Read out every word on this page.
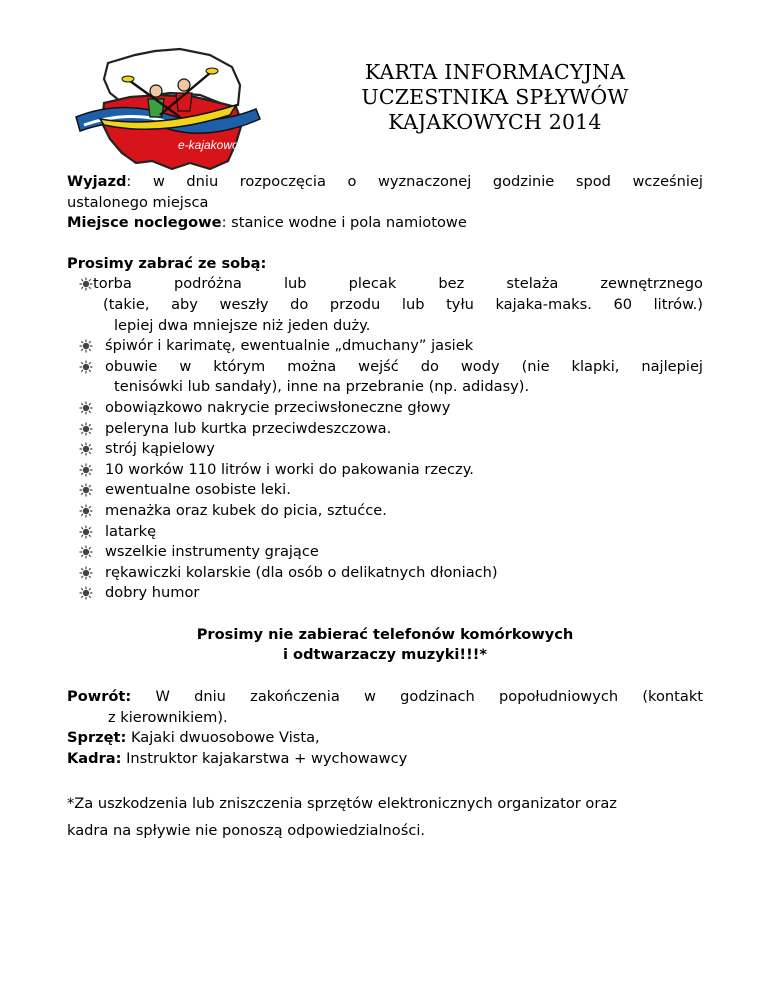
e-kajakowo
KARTA INFORMACYJNA
UCZESTNIKA SPŁYWÓW
KAJAKOWYCH 2014

Wyjazd: w dniu rozpoczęcia o wyznaczonej godzinie spod wcześniej

ustalonego miejsca

Miejsce noclegowe: stanice wodne i pola namiotowe

Prosimy zabrać ze sobą:

torba podróżna lub plecak bez stelaża zewnętrznego
(takie, aby weszły do przodu lub tyłu kajaka-maks. 60 litrów.)
lepiej dwa mniejsze niż jeden duży.
śpiwór i karimatę, ewentualnie „dmuchany” jasiek
obuwie w którym można wejść do wody (nie klapki, najlepiej
tenisówki lub sandały), inne na przebranie (np. adidasy).
obowiązkowo nakrycie przeciwsłoneczne głowy
peleryna lub kurtka przeciwdeszczowa.
strój kąpielowy
10 worków 110 litrów i worki do pakowania rzeczy.
ewentualne osobiste leki.
menażka oraz kubek do picia, sztućce.
latarkę
wszelkie instrumenty grające
rękawiczki kolarskie (dla osób o delikatnych dłoniach)
dobry humor

Prosimy nie zabierać telefonów komórkowych

i odtwarzaczy muzyki!!!*

Powrót: W dniu zakończenia w godzinach popołudniowych (kontakt

z kierownikiem).

Sprzęt: Kajaki dwuosobowe Vista,

Kadra: Instruktor kajakarstwa + wychowawcy

*Za uszkodzenia lub zniszczenia sprzętów elektronicznych organizator oraz

kadra na spływie nie ponoszą odpowiedzialności.
